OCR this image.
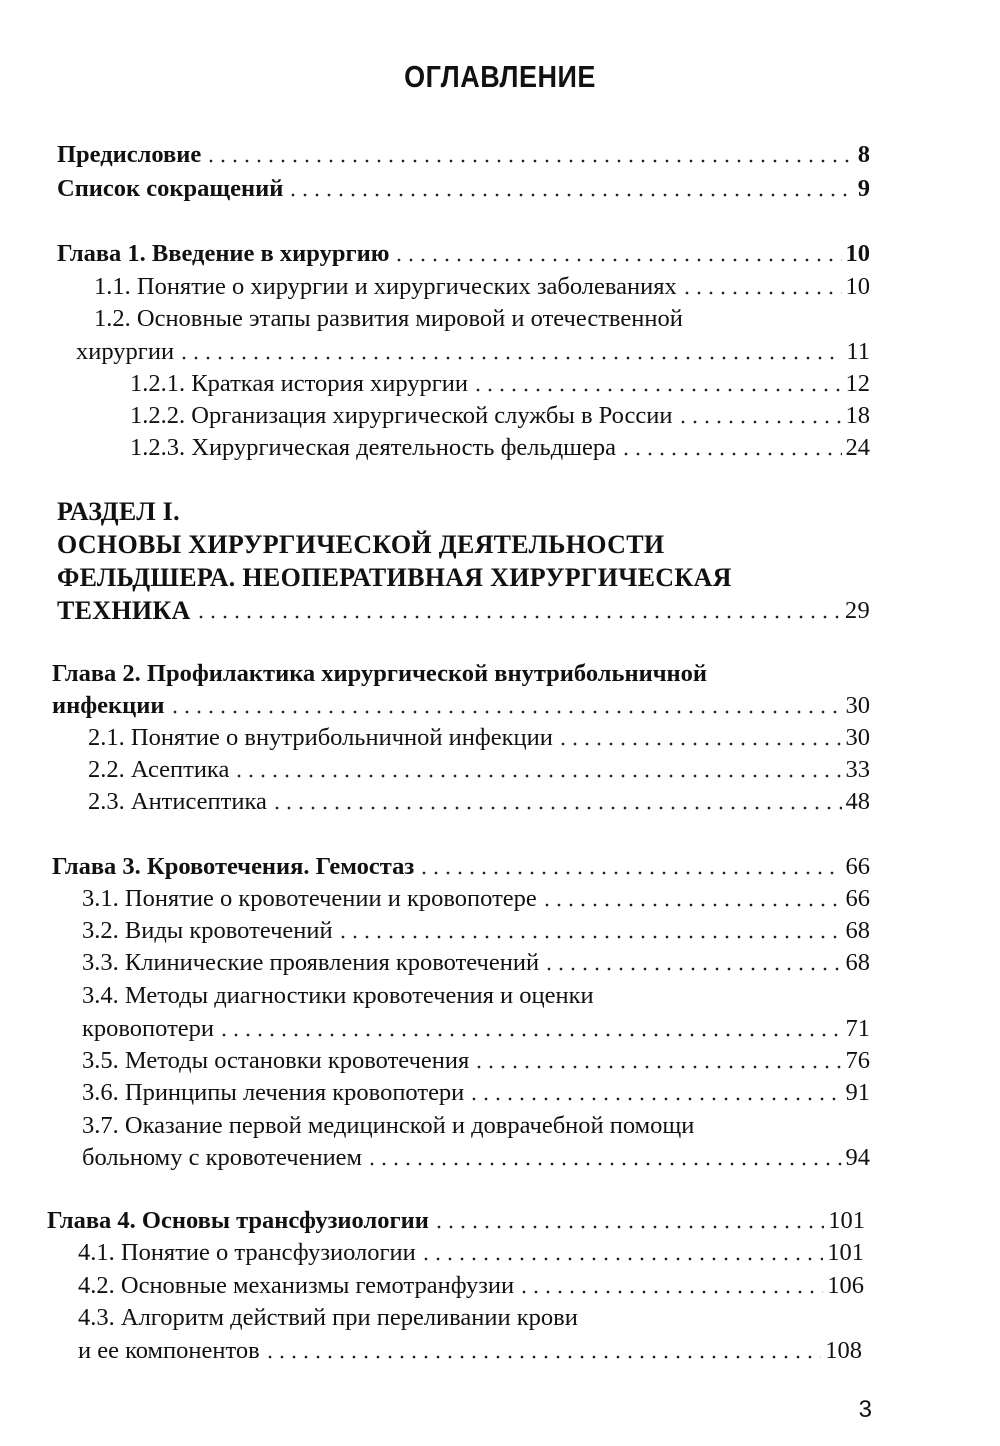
ОГЛАВЛЕНИЕ
Предисловие	8
Список сокращений	9
Глава 1. Введение в хирургию	10
1.1. Понятие о хирургии и хирургических заболеваниях	10
1.2. Основные этапы развития мировой и отечественной
хирургии	11
1.2.1. Краткая история хирургии	12
1.2.2. Организация хирургической службы в России	18
1.2.3. Хирургическая деятельность фельдшера	24
РАЗДЕЛ I.
ОСНОВЫ ХИРУРГИЧЕСКОЙ ДЕЯТЕЛЬНОСТИ
ФЕЛЬДШЕРА. НЕОПЕРАТИВНАЯ ХИРУРГИЧЕСКАЯ
ТЕХНИКА	29
Глава 2. Профилактика хирургической внутрибольничной
инфекции	30
2.1. Понятие о внутрибольничной инфекции	30
2.2. Асептика	33
2.3. Антисептика	48
Глава 3. Кровотечения. Гемостаз	66
3.1. Понятие о кровотечении и кровопотере	66
3.2. Виды кровотечений	68
3.3. Клинические проявления кровотечений	68
3.4. Методы диагностики кровотечения и оценки
кровопотери	71
3.5. Методы остановки кровотечения	76
3.6. Принципы лечения кровопотери	91
3.7. Оказание первой медицинской и доврачебной помощи
больному с кровотечением	94
Глава 4. Основы трансфузиологии	101
4.1. Понятие о трансфузиологии	101
4.2. Основные механизмы гемотранфузии	106
4.3. Алгоритм действий при переливании крови
и ее компонентов	108
3
